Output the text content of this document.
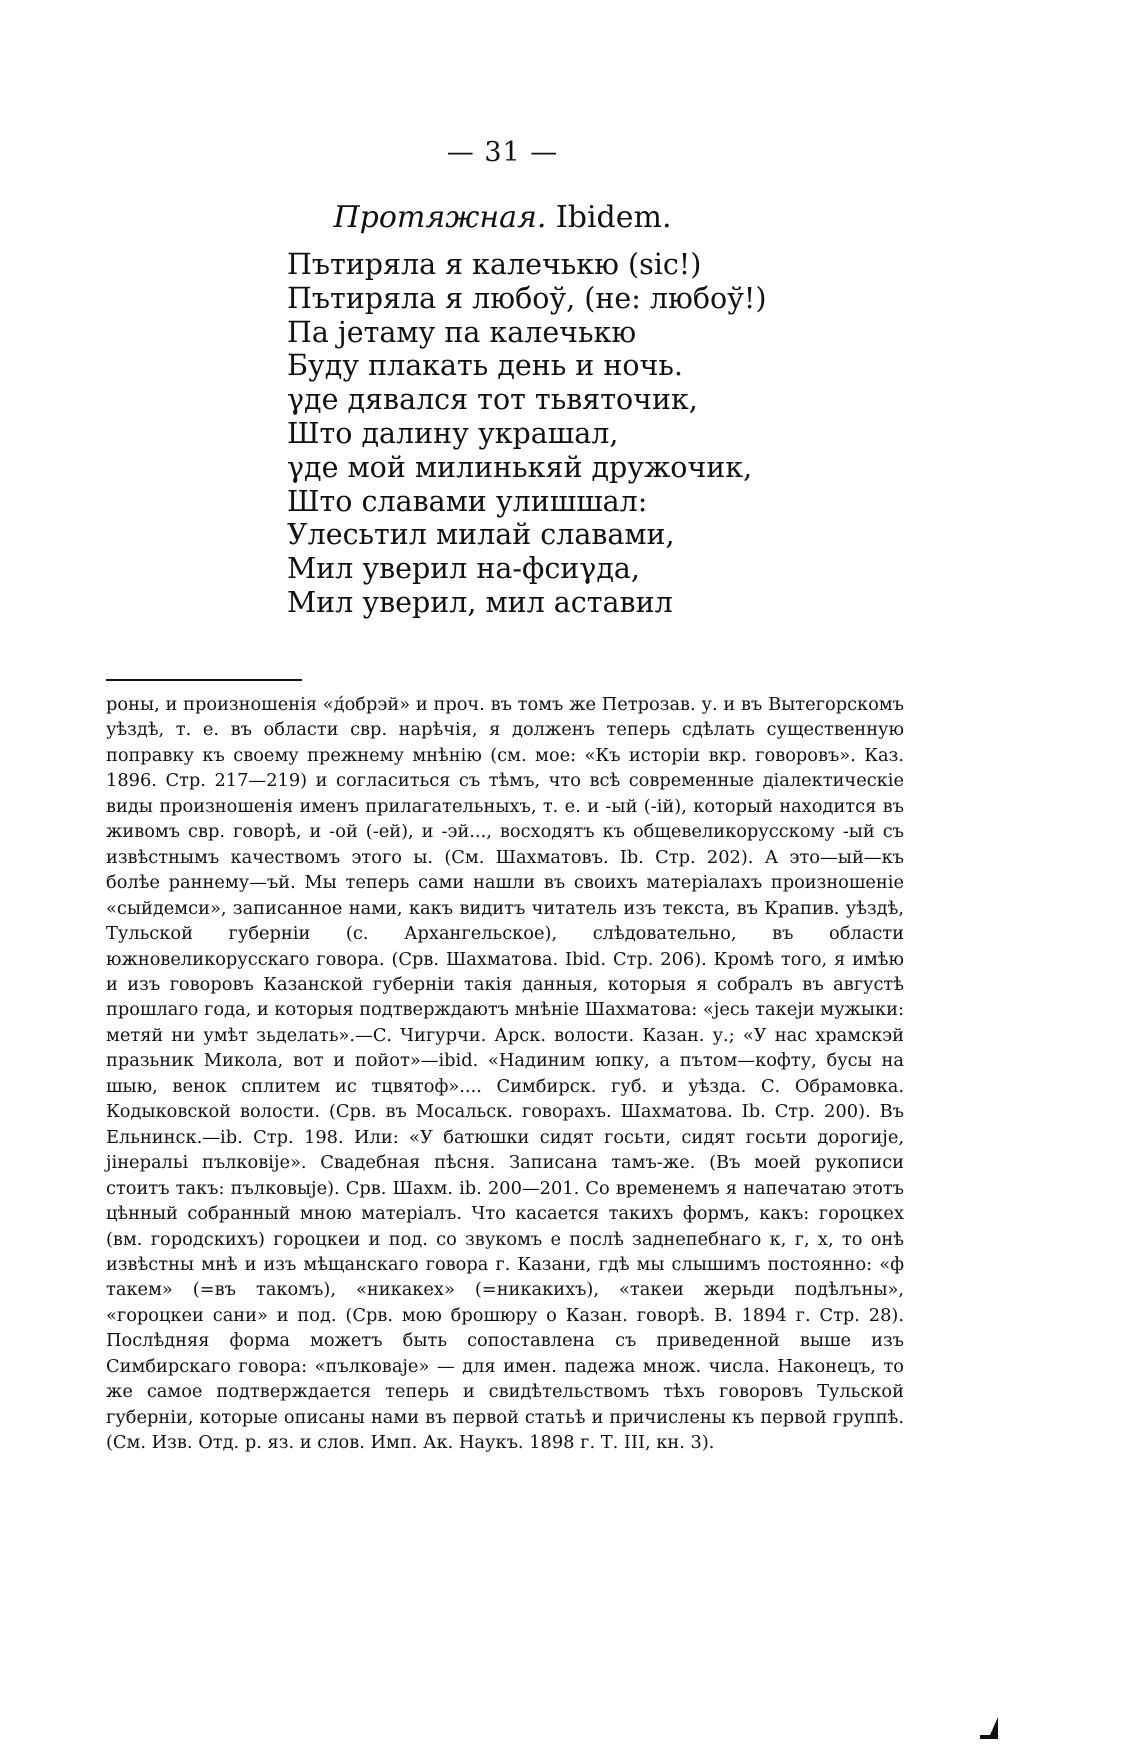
— 31 —
Протяжная. Ibidem.
Пътиряла я калечькю (sic!)
Пътиряла я любоў, (не: любоў!)
Па јетаму па калечькю
Буду плакать день и ночь.
γде дявался тот тьвяточик,
Што далину украшал,
γде мой милинькяй дружочик,
Што славами улишшал:
Улесьтил милай славами,
Мил уверил на-фсиγда,
Мил уверил, мил аставил
роны, и произношенія «д́обрэй» и проч. въ томъ же Петрозав. у. и въ Вытегорскомъ уѣздѣ, т. е. въ области свр. нарѣчія, я долженъ теперь сдѣлать существенную поправку къ своему прежнему мнѣнію (см. мое: «Къ исторіи вкр. говоровъ». Каз. 1896. Стр. 217—219) и согласиться съ тѣмъ, что всѣ современные діалектическіе виды произношенія именъ прилагательныхъ, т. е. и -ый (-ій), который находится въ живомъ свр. говорѣ, и -ой (-ей), и -эй..., восходятъ къ общевеликорусскому -ый съ извѣстнымъ качествомъ этого ы. (См. Шахматовъ. Ib. Стр. 202). А это—ый—къ болѣе раннему—ъй. Мы теперь сами нашли въ своихъ матеріалахъ произношеніе «сыйдемси», записанное нами, какъ видитъ читатель изъ текста, въ Крапив. уѣздѣ, Тульской губерніи (с. Архангельское), слѣдовательно, въ области южновеликорусскаго говора. (Срв. Шахматова. Ibid. Стр. 206). Кромѣ того, я имѣю и изъ говоровъ Казанской губерніи такія данныя, которыя я собралъ въ августѣ прошлаго года, и которыя подтверждаютъ мнѣніе Шахматова: «јесь такеји мужыки: метяй ни умѣт зьделать».—С. Чигурчи. Арск. волости. Казан. у.; «У нас храмскэй празьник Микола, вот и пойот»—ibid. «Надиним юпку, а пътом—кофту, бусы на шыю, венок сплитем ис тцвятоф».... Симбирск. губ. и уѣзда. С. Обрамовка. Кодыковской волости. (Срв. въ Мосальск. говорахъ. Шахматова. Ib. Стр. 200). Въ Ельнинск.—ib. Стр. 198. Или: «У батюшки сидят госьти, сидят госьти дорогије, јінеральі пълковіје». Свадебная пѣсня. Записана тамъ-же. (Въ моей рукописи стоитъ такъ: пълковыје). Срв. Шахм. ib. 200—201. Со временемъ я напечатаю этотъ цѣнный собранный мною матеріалъ. Что касается такихъ формъ, какъ: гороцкех (вм. городскихъ) гороцкеи и под. со звукомъ е послѣ заднепебнаго к, г, х, то онѣ извѣстны мнѣ и изъ мѣщанскаго говора г. Казани, гдѣ мы слышимъ постоянно: «ф такем» (=въ такомъ), «никакех» (=никакихъ), «такеи жерьди подѣлъны», «гороцкеи сани» и под. (Срв. мою брошюру о Казан. говорѣ. В. 1894 г. Стр. 28). Послѣдняя форма можетъ быть сопоставлена съ приведенной выше изъ Симбирскаго говора: «пълковаје» — для имен. падежа множ. числа. Наконецъ, то же самое подтверждается теперь и свидѣтельствомъ тѣхъ говоровъ Тульской губерніи, которые описаны нами въ первой статьѣ и причислены къ первой группѣ. (См. Изв. Отд. р. яз. и слов. Имп. Ак. Наукъ. 1898 г. Т. III, кн. 3).
